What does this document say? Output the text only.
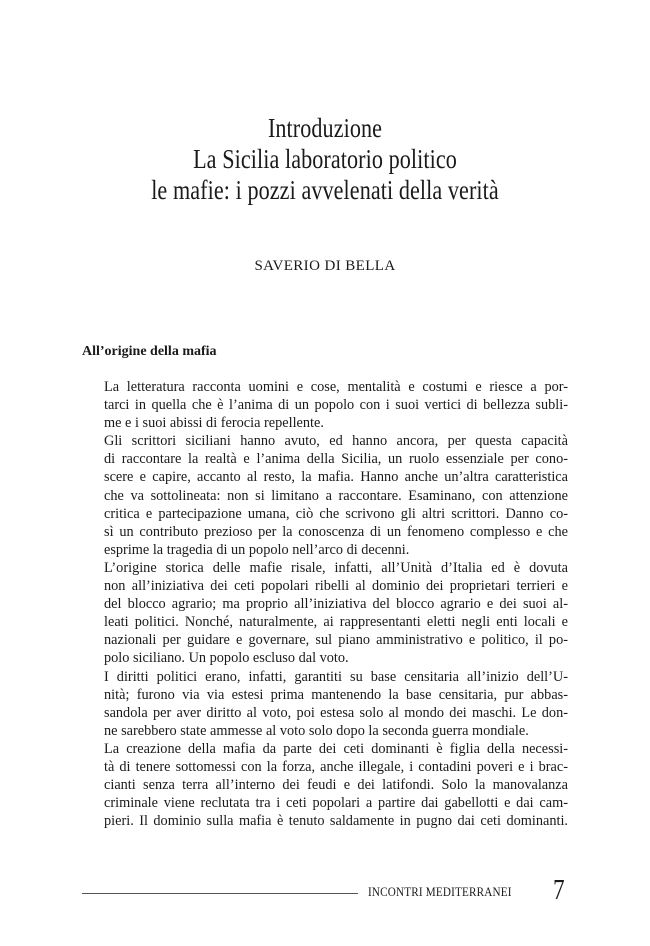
Introduzione
La Sicilia laboratorio politico
le mafie: i pozzi avvelenati della verità
SAVERIO DI BELLA
All’origine della mafia

La letteratura racconta uomini e cose, mentalità e costumi e riesce a por-
tarci in quella che è l’anima di un popolo con i suoi vertici di bellezza subli-
me e i suoi abissi di ferocia repellente.

Gli scrittori siciliani hanno avuto, ed hanno ancora, per questa capacità
di raccontare la realtà e l’anima della Sicilia, un ruolo essenziale per cono-
scere e capire, accanto al resto, la mafia. Hanno anche un’altra caratteristica
che va sottolineata: non si limitano a raccontare. Esaminano, con attenzione
critica e partecipazione umana, ciò che scrivono gli altri scrittori. Danno co-
sì un contributo prezioso per la conoscenza di un fenomeno complesso e che
esprime la tragedia di un popolo nell’arco di decenni.

L’origine storica delle mafie risale, infatti, all’Unità d’Italia ed è dovuta
non all’iniziativa dei ceti popolari ribelli al dominio dei proprietari terrieri e
del blocco agrario; ma proprio all’iniziativa del blocco agrario e dei suoi al-
leati politici. Nonché, naturalmente, ai rappresentanti eletti negli enti locali e
nazionali per guidare e governare, sul piano amministrativo e politico, il po-
polo siciliano. Un popolo escluso dal voto.

I diritti politici erano, infatti, garantiti su base censitaria all’inizio dell’U-
nità; furono via via estesi prima mantenendo la base censitaria, pur abbas-
sandola per aver diritto al voto, poi estesa solo al mondo dei maschi. Le don-
ne sarebbero state ammesse al voto solo dopo la seconda guerra mondiale.

La creazione della mafia da parte dei ceti dominanti è figlia della necessi-
tà di tenere sottomessi con la forza, anche illegale, i contadini poveri e i brac-
cianti senza terra all’interno dei feudi e dei latifondi. Solo la manovalanza
criminale viene reclutata tra i ceti popolari a partire dai gabellotti e dai cam-
pieri. Il dominio sulla mafia è tenuto saldamente in pugno dai ceti dominanti.

INCONTRI MEDITERRANEI 7
